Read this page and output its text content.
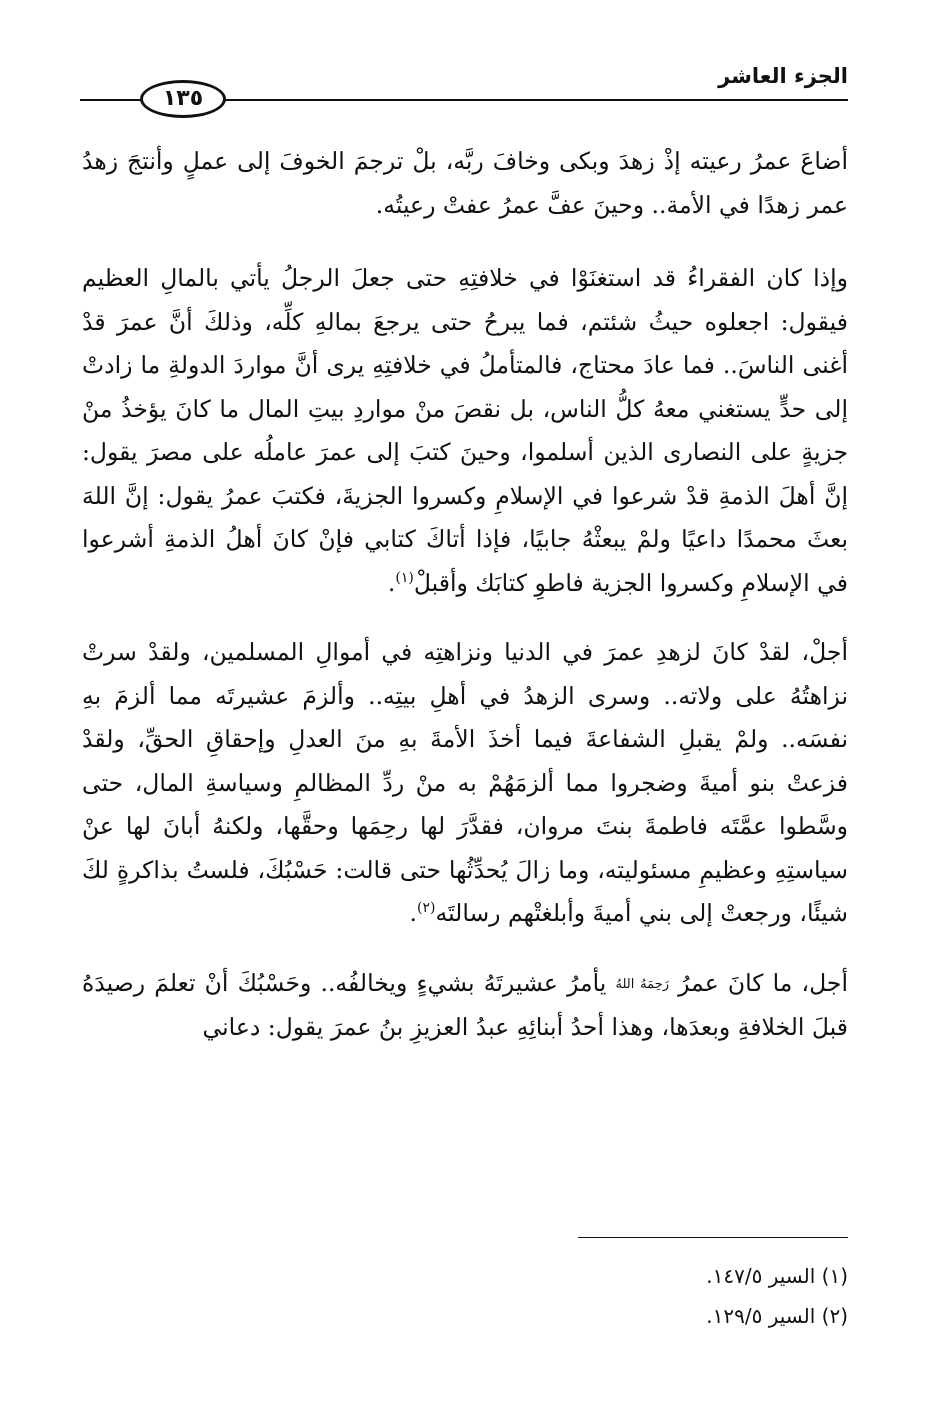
الجزء العاشر
١٣٥

أضاعَ عمرُ رعيته إذْ زهدَ وبكى وخافَ ربَّه، بلْ ترجمَ الخوفَ إلى عملٍ وأنتجَ زهدُ عمر زهدًا في الأمة.. وحينَ عفَّ عمرُ عفتْ رعيتُه.

وإذا كان الفقراءُ قد استغنَوْا في خلافتِهِ حتى جعلَ الرجلُ يأتي بالمالِ العظيم فيقول: اجعلوه حيثُ شئتم، فما يبرحُ حتى يرجعَ بمالهِ كلِّه، وذلكَ أنَّ عمرَ قدْ أغنى الناسَ.. فما عادَ محتاج، فالمتأملُ في خلافتِهِ يرى أنَّ مواردَ الدولةِ ما زادتْ إلى حدٍّ يستغني معهُ كلُّ الناس، بل نقصَ منْ مواردِ بيتِ المال ما كانَ يؤخذُ منْ جزيةٍ على النصارى الذين أسلموا، وحينَ كتبَ إلى عمرَ عاملُه على مصرَ يقول: إنَّ أهلَ الذمةِ قدْ شرعوا في الإسلامِ وكسروا الجزيةَ، فكتبَ عمرُ يقول: إنَّ اللهَ بعثَ محمدًا داعيًا ولمْ يبعثْهُ جابيًا، فإذا أتاكَ كتابي فإنْ كانَ أهلُ الذمةِ أشرعوا في الإسلامِ وكسروا الجزية فاطوِ كتابَك وأقبلْ$^{(١)}$.

أجلْ، لقدْ كانَ لزهدِ عمرَ في الدنيا ونزاهتِه في أموالِ المسلمين، ولقدْ سرتْ نزاهتُهُ على ولاته.. وسرى الزهدُ في أهلِ بيتِه.. وألزمَ عشيرتَه مما ألزمَ بهِ نفسَه.. ولمْ يقبلِ الشفاعةَ فيما أخذَ الأمةَ بهِ منَ العدلِ وإحقاقِ الحقِّ، ولقدْ فزعتْ بنو أميةَ وضجروا مما ألزمَهُمْ به منْ ردِّ المظالمِ وسياسةِ المال، حتى وسَّطوا عمَّتَه فاطمةَ بنتَ مروان، فقدَّرَ لها رحِمَها وحقَّها، ولكنهُ أبانَ لها عنْ سياستِهِ وعظيمِ مسئوليته، وما زالَ يُحدِّثُها حتى قالت: حَسْبُكَ، فلستُ بذاكرةٍ لكَ شيئًا، ورجعتْ إلى بني أميةَ وأبلغتْهم رسالتَه$^{(٢)}$.

أجل، ما كانَ عمرُ رَحِمَهُ اللهُ يأمرُ عشيرتَهُ بشيءٍ ويخالفُه.. وحَسْبُكَ أنْ تعلمَ رصيدَهُ قبلَ الخلافةِ وبعدَها، وهذا أحدُ أبنائِهِ عبدُ العزيزِ بنُ عمرَ يقول: دعاني

(١) السير ١٤٧/٥.
(٢) السير ١٢٩/٥.
